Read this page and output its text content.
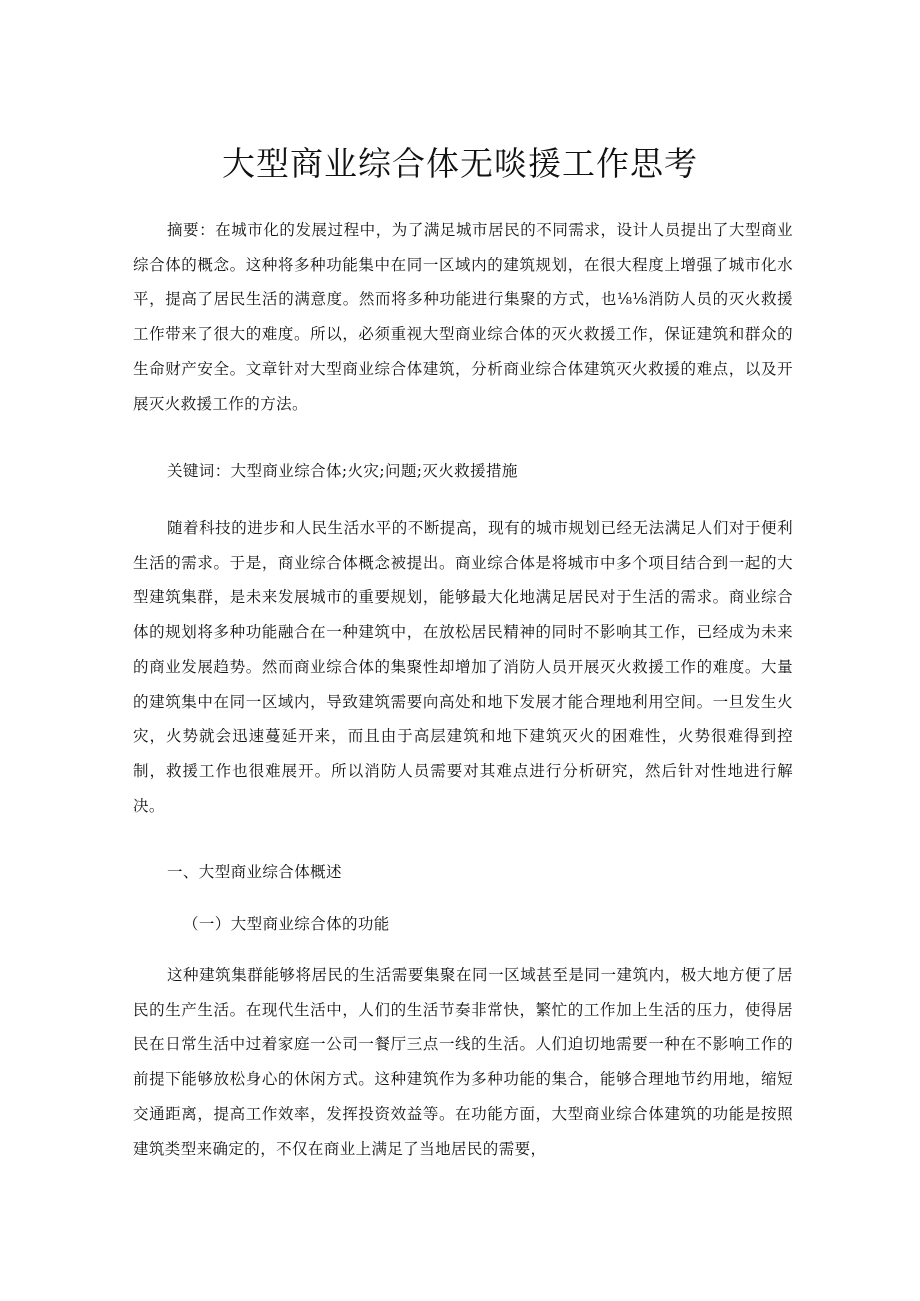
大型商业综合体无啖援工作思考

摘要：在城市化的发展过程中，为了满足城市居民的不同需求，设计人员提出了大型商业综合体的概念。这种将多种功能集中在同一区域内的建筑规划，在很大程度上增强了城市化水平，提高了居民生活的满意度。然而将多种功能进行集聚的方式，也⅛⅛消防人员的灭火救援工作带来了很大的难度。所以，必须重视大型商业综合体的灭火救援工作，保证建筑和群众的生命财产安全。文章针对大型商业综合体建筑，分析商业综合体建筑灭火救援的难点，以及开展灭火救援工作的方法。

关键词：大型商业综合体;火灾;问题;灭火救援措施

随着科技的进步和人民生活水平的不断提高，现有的城市规划已经无法满足人们对于便利生活的需求。于是，商业综合体概念被提出。商业综合体是将城市中多个项目结合到一起的大型建筑集群，是未来发展城市的重要规划，能够最大化地满足居民对于生活的需求。商业综合体的规划将多种功能融合在一种建筑中，在放松居民精神的同时不影响其工作，已经成为未来的商业发展趋势。然而商业综合体的集聚性却增加了消防人员开展灭火救援工作的难度。大量的建筑集中在同一区域内，导致建筑需要向高处和地下发展才能合理地利用空间。一旦发生火灾，火势就会迅速蔓延开来，而且由于高层建筑和地下建筑灭火的困难性，火势很难得到控制，救援工作也很难展开。所以消防人员需要对其难点进行分析研究，然后针对性地进行解决。

一、大型商业综合体概述

（一）大型商业综合体的功能

这种建筑集群能够将居民的生活需要集聚在同一区域甚至是同一建筑内，极大地方便了居民的生产生活。在现代生活中，人们的生活节奏非常快，繁忙的工作加上生活的压力，使得居民在日常生活中过着家庭一公司一餐厅三点一线的生活。人们迫切地需要一种在不影响工作的前提下能够放松身心的休闲方式。这种建筑作为多种功能的集合，能够合理地节约用地，缩短交通距离，提高工作效率，发挥投资效益等。在功能方面，大型商业综合体建筑的功能是按照建筑类型来确定的，不仅在商业上满足了当地居民的需要，
